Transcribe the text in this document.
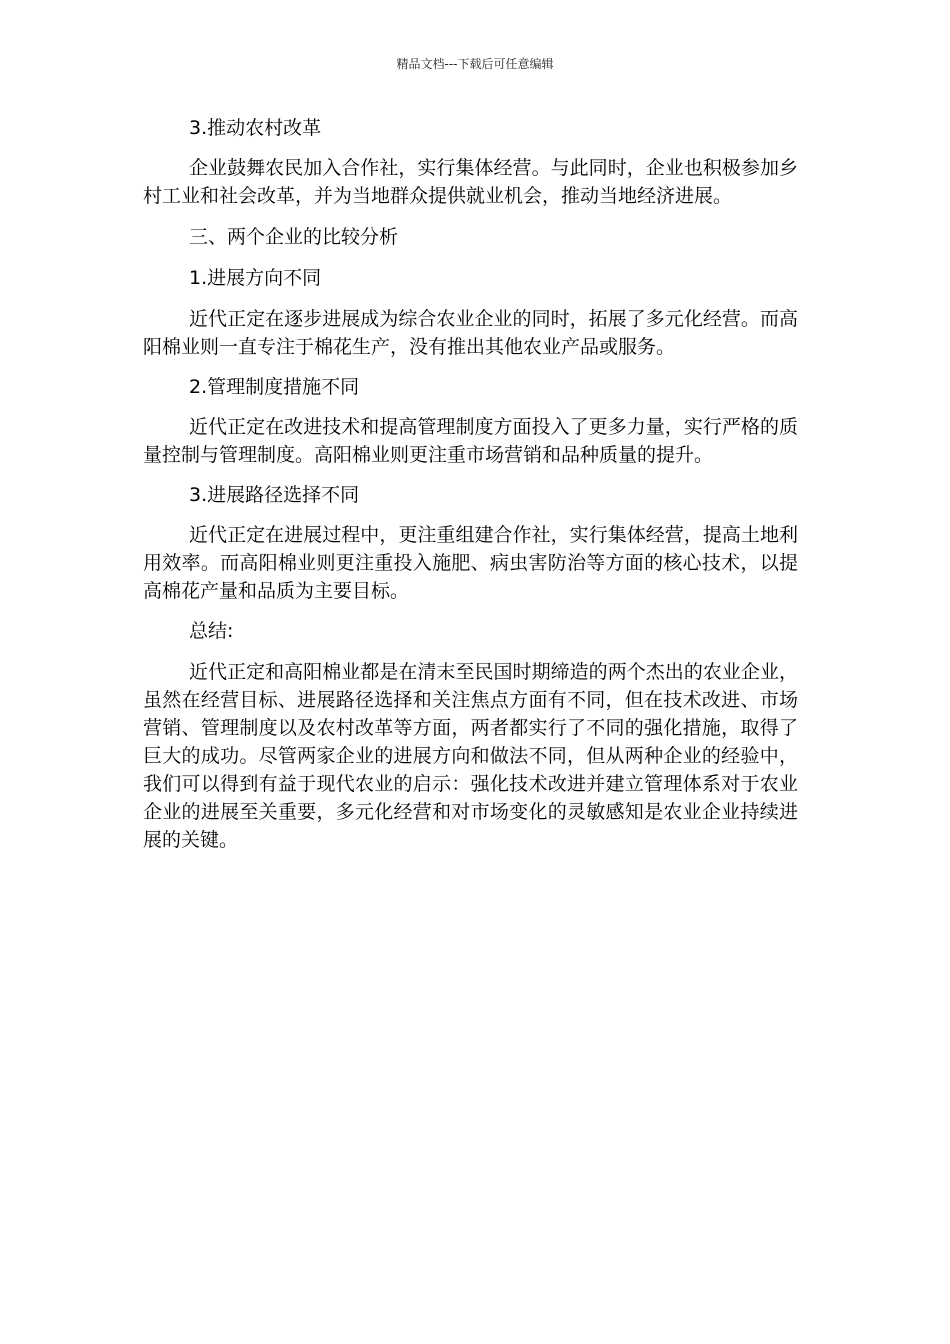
精品文档---下载后可任意编辑

3.推动农村改革

企业鼓舞农民加入合作社，实行集体经营。与此同时，企业也积极参加乡村工业和社会改革，并为当地群众提供就业机会，推动当地经济进展。

三、两个企业的比较分析

1.进展方向不同

近代正定在逐步进展成为综合农业企业的同时，拓展了多元化经营。而高阳棉业则一直专注于棉花生产，没有推出其他农业产品或服务。

2.管理制度措施不同

近代正定在改进技术和提高管理制度方面投入了更多力量，实行严格的质量控制与管理制度。高阳棉业则更注重市场营销和品种质量的提升。

3.进展路径选择不同

近代正定在进展过程中，更注重组建合作社，实行集体经营，提高土地利用效率。而高阳棉业则更注重投入施肥、病虫害防治等方面的核心技术，以提高棉花产量和品质为主要目标。

总结:

近代正定和高阳棉业都是在清末至民国时期缔造的两个杰出的农业企业，虽然在经营目标、进展路径选择和关注焦点方面有不同，但在技术改进、市场营销、管理制度以及农村改革等方面，两者都实行了不同的强化措施，取得了巨大的成功。尽管两家企业的进展方向和做法不同，但从两种企业的经验中，我们可以得到有益于现代农业的启示：强化技术改进并建立管理体系对于农业企业的进展至关重要，多元化经营和对市场变化的灵敏感知是农业企业持续进展的关键。
